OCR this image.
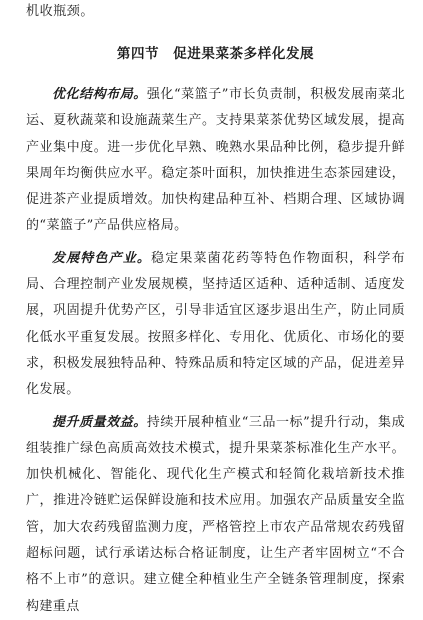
机收瓶颈。

第四节 促进果菜茶多样化发展

优化结构布局。强化“菜篮子”市长负责制，积极发展南菜北运、夏秋蔬菜和设施蔬菜生产。支持果菜茶优势区域发展，提高产业集中度。进一步优化早熟、晚熟水果品种比例，稳步提升鲜果周年均衡供应水平。稳定茶叶面积，加快推进生态茶园建设，促进茶产业提质增效。加快构建品种互补、档期合理、区域协调的“菜篮子”产品供应格局。

发展特色产业。稳定果菜菌花药等特色作物面积，科学布局、合理控制产业发展规模，坚持适区适种、适种适制、适度发展，巩固提升优势产区，引导非适宜区逐步退出生产，防止同质化低水平重复发展。按照多样化、专用化、优质化、市场化的要求，积极发展独特品种、特殊品质和特定区域的产品，促进差异化发展。

提升质量效益。持续开展种植业“三品一标”提升行动，集成组装推广绿色高质高效技术模式，提升果菜茶标准化生产水平。加快机械化、智能化、现代化生产模式和轻简化栽培新技术推广，推进冷链贮运保鲜设施和技术应用。加强农产品质量安全监管，加大农药残留监测力度，严格管控上市农产品常规农药残留超标问题，试行承诺达标合格证制度，让生产者牢固树立“不合格不上市”的意识。建立健全种植业生产全链条管理制度，探索构建重点
